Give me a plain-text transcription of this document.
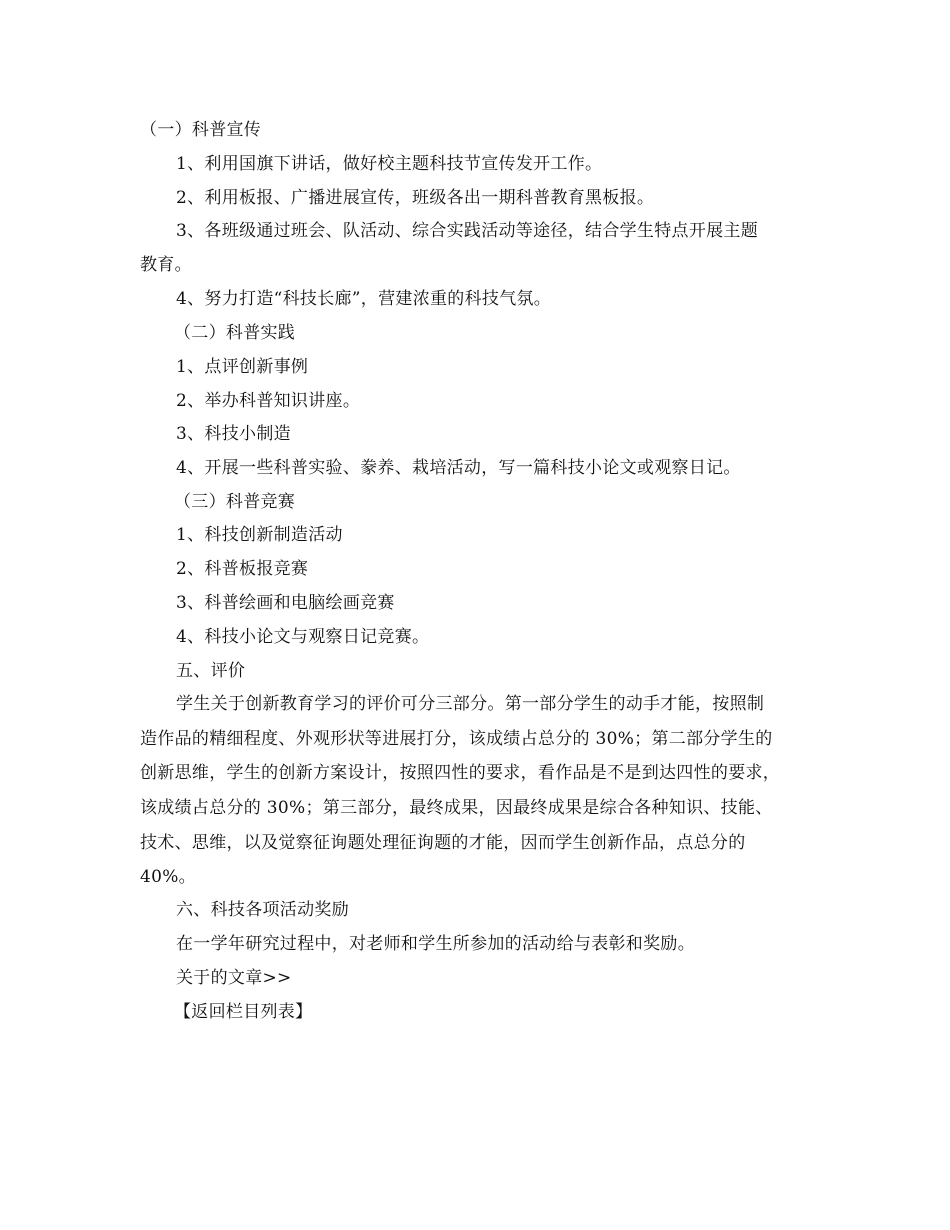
（一）科普宣传
1、利用国旗下讲话，做好校主题科技节宣传发开工作。
2、利用板报、广播进展宣传，班级各出一期科普教育黑板报。
3、各班级通过班会、队活动、综合实践活动等途径，结合学生特点开展主题
教育。
4、努力打造“科技长廊”，营建浓重的科技气氛。
（二）科普实践
1、点评创新事例
2、举办科普知识讲座。
3、科技小制造
4、开展一些科普实验、豢养、栽培活动，写一篇科技小论文或观察日记。
（三）科普竞赛
1、科技创新制造活动
2、科普板报竞赛
3、科普绘画和电脑绘画竞赛
4、科技小论文与观察日记竞赛。
五、评价
学生关于创新教育学习的评价可分三部分。第一部分学生的动手才能，按照制
造作品的精细程度、外观形状等进展打分，该成绩占总分的 30%；第二部分学生的
创新思维，学生的创新方案设计，按照四性的要求，看作品是不是到达四性的要求，
该成绩占总分的 30%；第三部分，最终成果，因最终成果是综合各种知识、技能、
技术、思维，以及觉察征询题处理征询题的才能，因而学生创新作品，点总分的
40%。
六、科技各项活动奖励
在一学年研究过程中，对老师和学生所参加的活动给与表彰和奖励。
关于的文章>>
【返回栏目列表】
